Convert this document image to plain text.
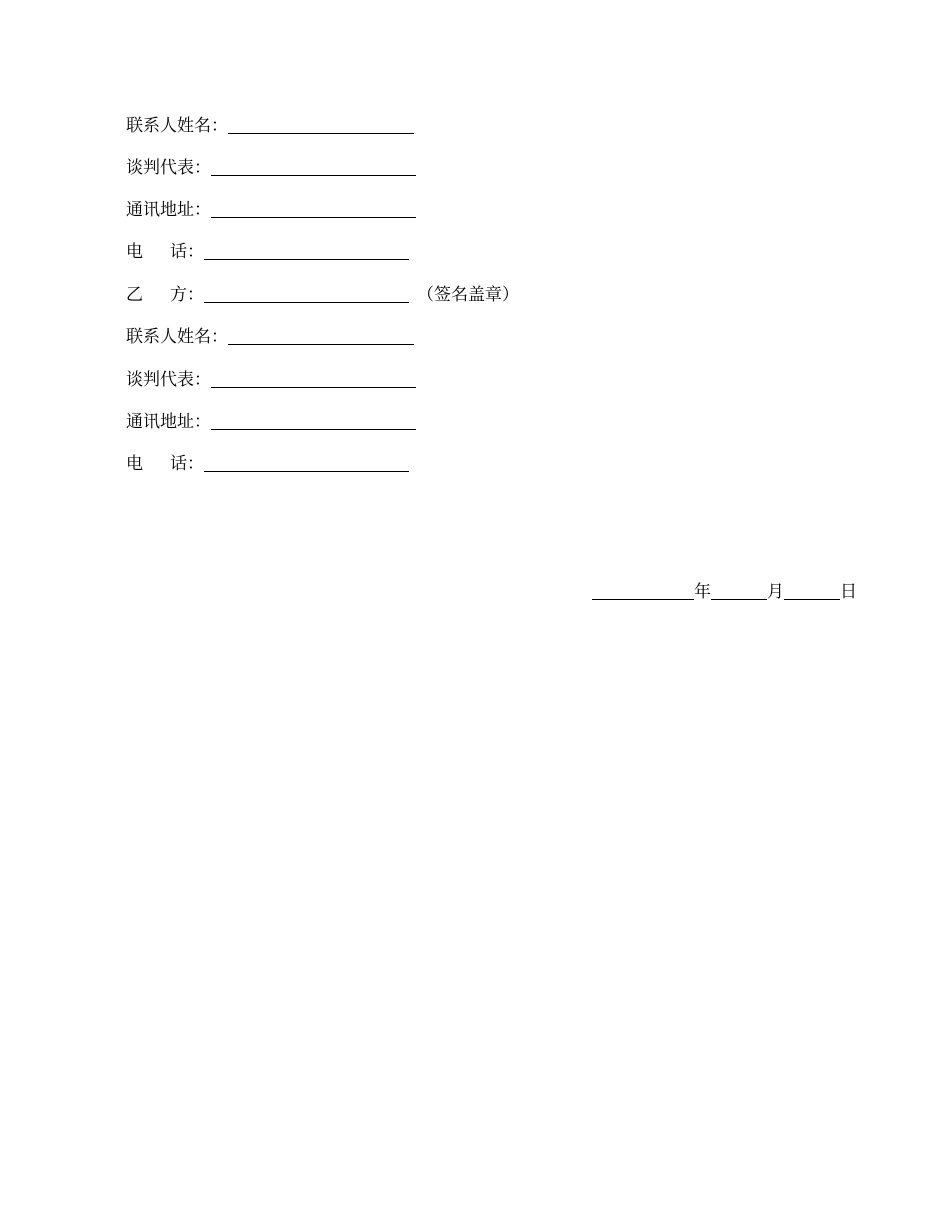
联系人姓名：
谈判代表：
通讯地址：
电 话：
乙 方：	（签名盖章）
联系人姓名：
谈判代表：
通讯地址：
电 话：
年	月	日
